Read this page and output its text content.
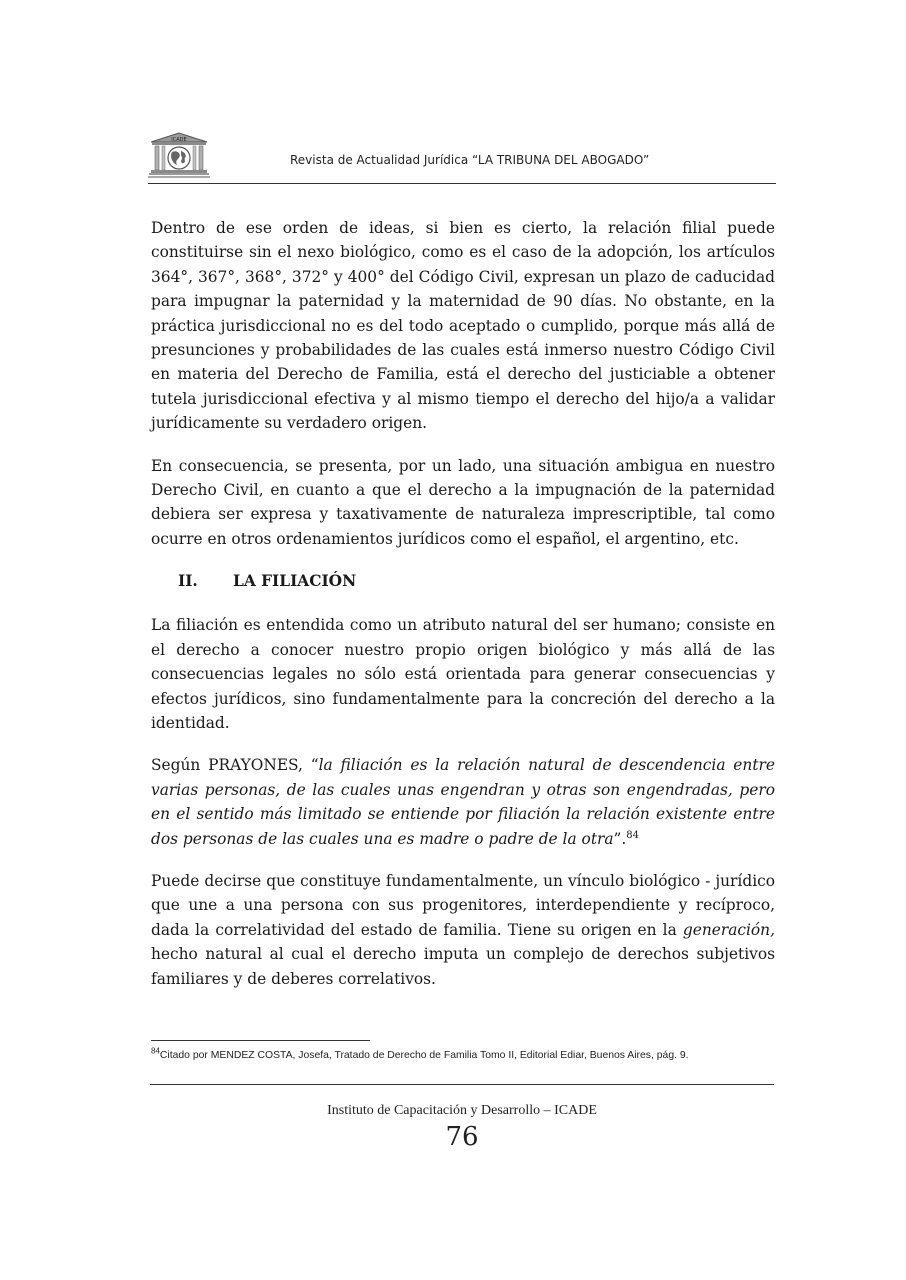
ICADE
Revista de Actualidad Jurídica “LA TRIBUNA DEL ABOGADO”

Dentro de ese orden de ideas, si bien es cierto, la relación filial puede constituirse sin el nexo biológico, como es el caso de la adopción, los artículos 364°, 367°, 368°, 372° y 400° del Código Civil, expresan un plazo de caducidad para impugnar la paternidad y la maternidad de 90 días. No obstante, en la práctica jurisdiccional no es del todo aceptado o cumplido, porque más allá de presunciones y probabilidades de las cuales está inmerso nuestro Código Civil en materia del Derecho de Familia, está el derecho del justiciable a obtener tutela jurisdiccional efectiva y al mismo tiempo el derecho del hijo/a a validar jurídicamente su verdadero origen.

En consecuencia, se presenta, por un lado, una situación ambigua en nuestro Derecho Civil, en cuanto a que el derecho a la impugnación de la paternidad debiera ser expresa y taxativamente de naturaleza imprescriptible, tal como ocurre en otros ordenamientos jurídicos como el español, el argentino, etc.

II. LA FILIACIÓN

La filiación es entendida como un atributo natural del ser humano; consiste en el derecho a conocer nuestro propio origen biológico y más allá de las consecuencias legales no sólo está orientada para generar consecuencias y efectos jurídicos, sino fundamentalmente para la concreción del derecho a la identidad.

Según PRAYONES, “la filiación es la relación natural de descendencia entre varias personas, de las cuales unas engendran y otras son engendradas, pero en el sentido más limitado se entiende por filiación la relación existente entre dos personas de las cuales una es madre o padre de la otra”.$^{84}$

Puede decirse que constituye fundamentalmente, un vínculo biológico - jurídico que une a una persona con sus progenitores, interdependiente y recíproco, dada la correlatividad del estado de familia. Tiene su origen en la generación, hecho natural al cual el derecho imputa un complejo de derechos subjetivos familiares y de deberes correlativos.

$^{84}$Citado por MENDEZ COSTA, Josefa, Tratado de Derecho de Familia Tomo II, Editorial Ediar, Buenos Aires, pág. 9.
Instituto de Capacitación y Desarrollo – ICADE
76
